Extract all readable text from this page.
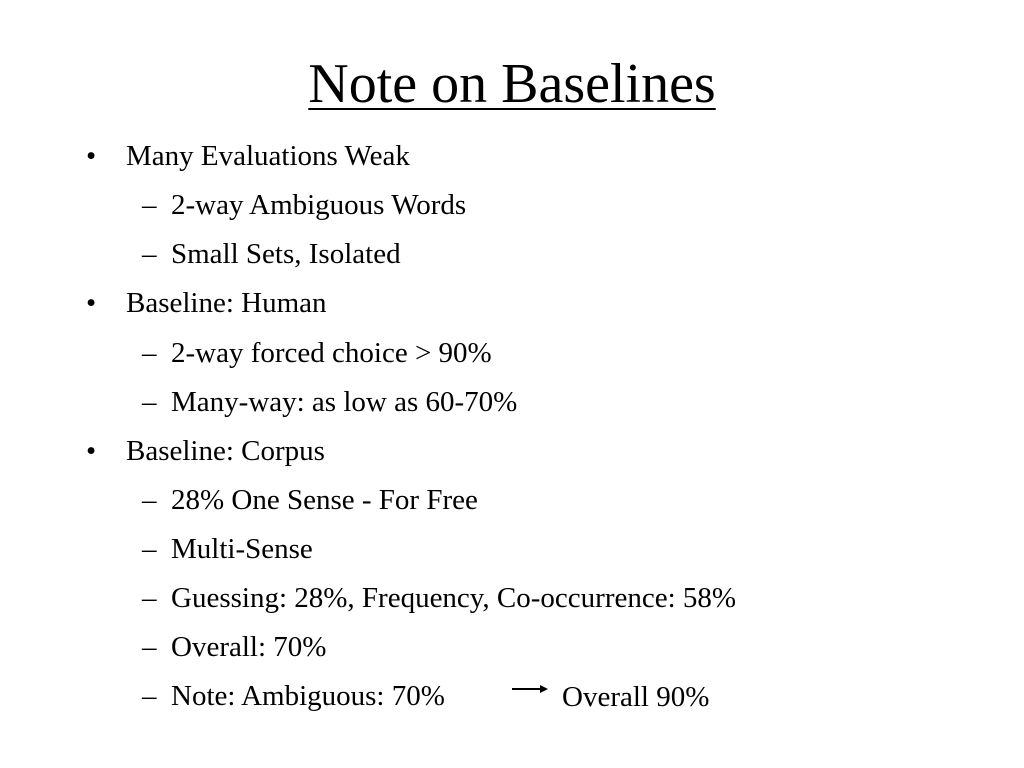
Note on Baselines
• Many Evaluations Weak
– 2-way Ambiguous Words
– Small Sets, Isolated
• Baseline: Human
– 2-way forced choice > 90%
– Many-way: as low as 60-70%
• Baseline: Corpus
– 28% One Sense - For Free
– Multi-Sense
– Guessing: 28%, Frequency, Co-occurrence: 58%
– Overall: 70%
– Note: Ambiguous: 70%	Overall 90%
